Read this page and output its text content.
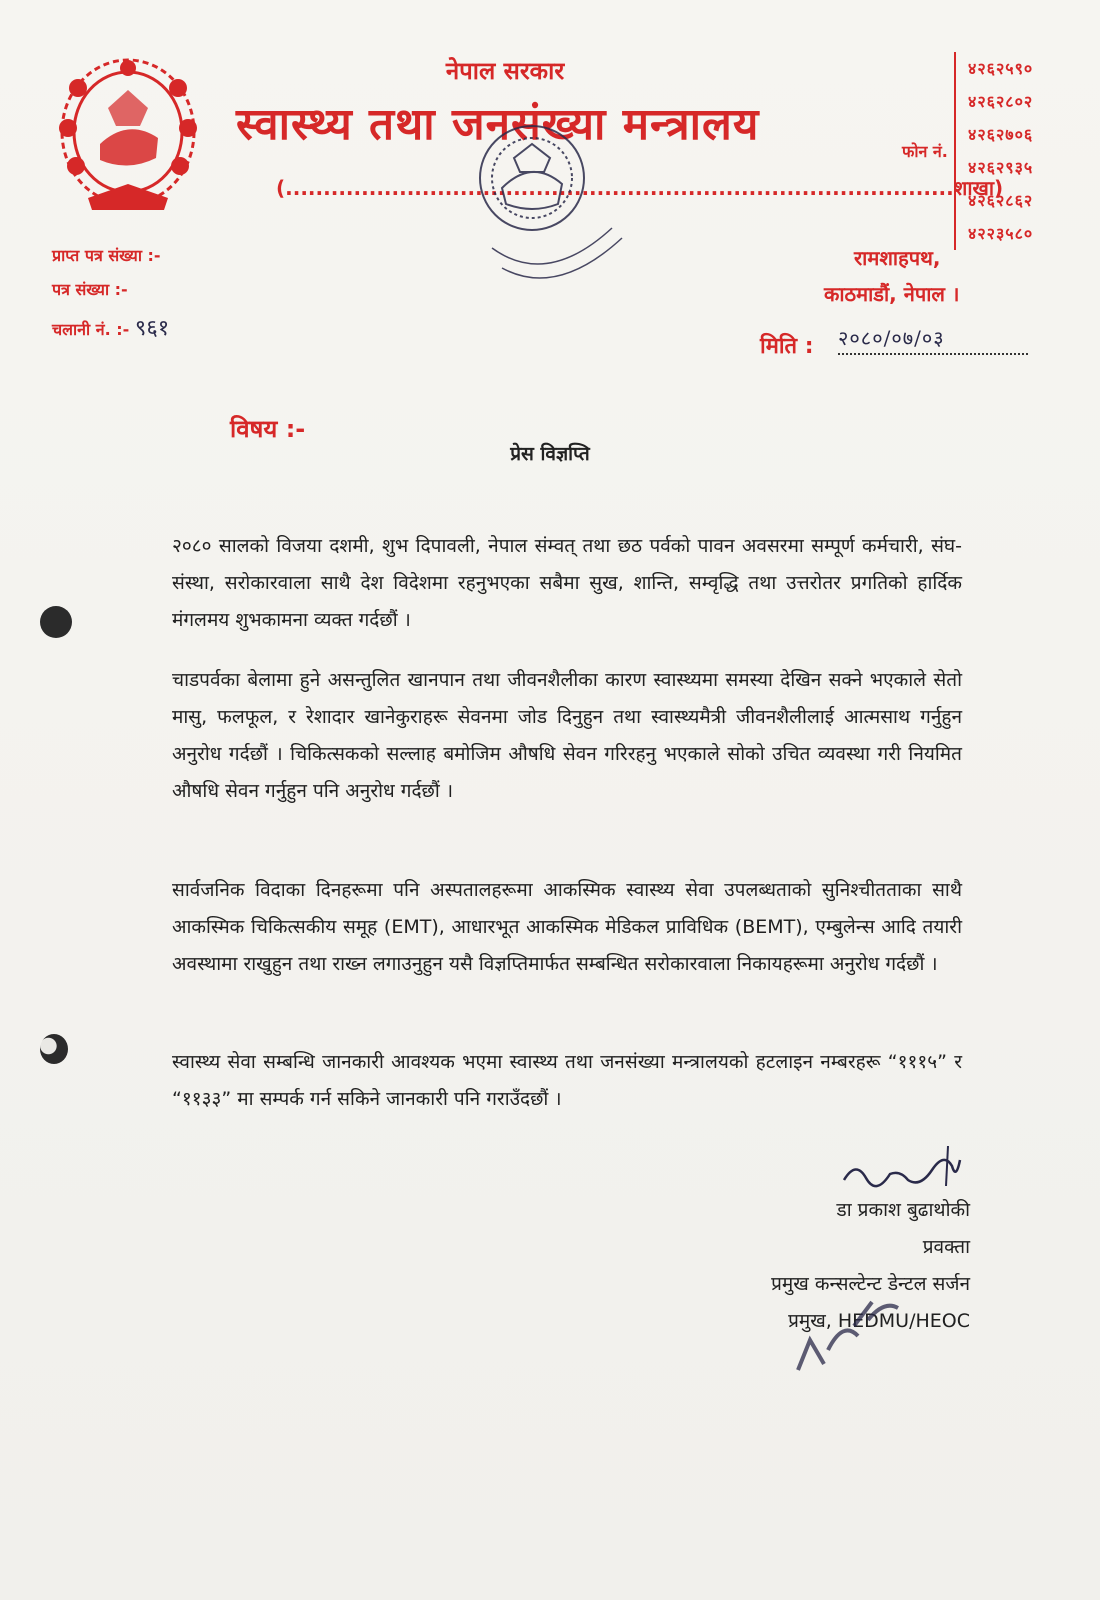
नेपाल सरकार
स्वास्थ्य तथा जनसंख्या मन्त्रालय
(........................................................................................शाखा)
फोन नं.
४२६२५९०
४२६२८०२
४२६२७०६
४२६२९३५
४२६२८६२
४२२३५८०
रामशाहपथ,
काठमाडौं, नेपाल ।
प्राप्त पत्र संख्या :-
पत्र संख्या :-
चलानी नं. :- ९६१
मिति : २०८०/०७/०३
विषय :-
प्रेस विज्ञप्ति
२०८० सालको विजया दशमी, शुभ दिपावली, नेपाल संम्वत् तथा छठ पर्वको पावन अवसरमा सम्पूर्ण कर्मचारी, संघ-संस्था, सरोकारवाला साथै देश विदेशमा रहनुभएका सबैमा सुख, शान्ति, सम्वृद्धि तथा उत्तरोतर प्रगतिको हार्दिक मंगलमय शुभकामना व्यक्त गर्दछौं ।
चाडपर्वका बेलामा हुने असन्तुलित खानपान तथा जीवनशैलीका कारण स्वास्थ्यमा समस्या देखिन सक्ने भएकाले सेतो मासु, फलफूल, र रेशादार खानेकुराहरू सेवनमा जोड दिनुहुन तथा स्वास्थ्यमैत्री जीवनशैलीलाई आत्मसाथ गर्नुहुन अनुरोध गर्दछौं । चिकित्सकको सल्लाह बमोजिम औषधि सेवन गरिरहनु भएकाले सोको उचित व्यवस्था गरी नियमित औषधि सेवन गर्नुहुन पनि अनुरोध गर्दछौं ।
सार्वजनिक विदाका दिनहरूमा पनि अस्पतालहरूमा आकस्मिक स्वास्थ्य सेवा उपलब्धताको सुनिश्चीतताका साथै आकस्मिक चिकित्सकीय समूह (EMT), आधारभूत आकस्मिक मेडिकल प्राविधिक (BEMT), एम्बुलेन्स आदि तयारी अवस्थामा राखुहुन तथा राख्न लगाउनुहुन यसै विज्ञप्तिमार्फत सम्बन्धित सरोकारवाला निकायहरूमा अनुरोध गर्दछौं ।
स्वास्थ्य सेवा सम्बन्धि जानकारी आवश्यक भएमा स्वास्थ्य तथा जनसंख्या मन्त्रालयको हटलाइन नम्बरहरू “१११५” र “११३३” मा सम्पर्क गर्न सकिने जानकारी पनि गराउँदछौं ।
डा प्रकाश बुढाथोकी
प्रवक्ता
प्रमुख कन्सल्टेन्ट डेन्टल सर्जन
प्रमुख, HEDMU/HEOC
